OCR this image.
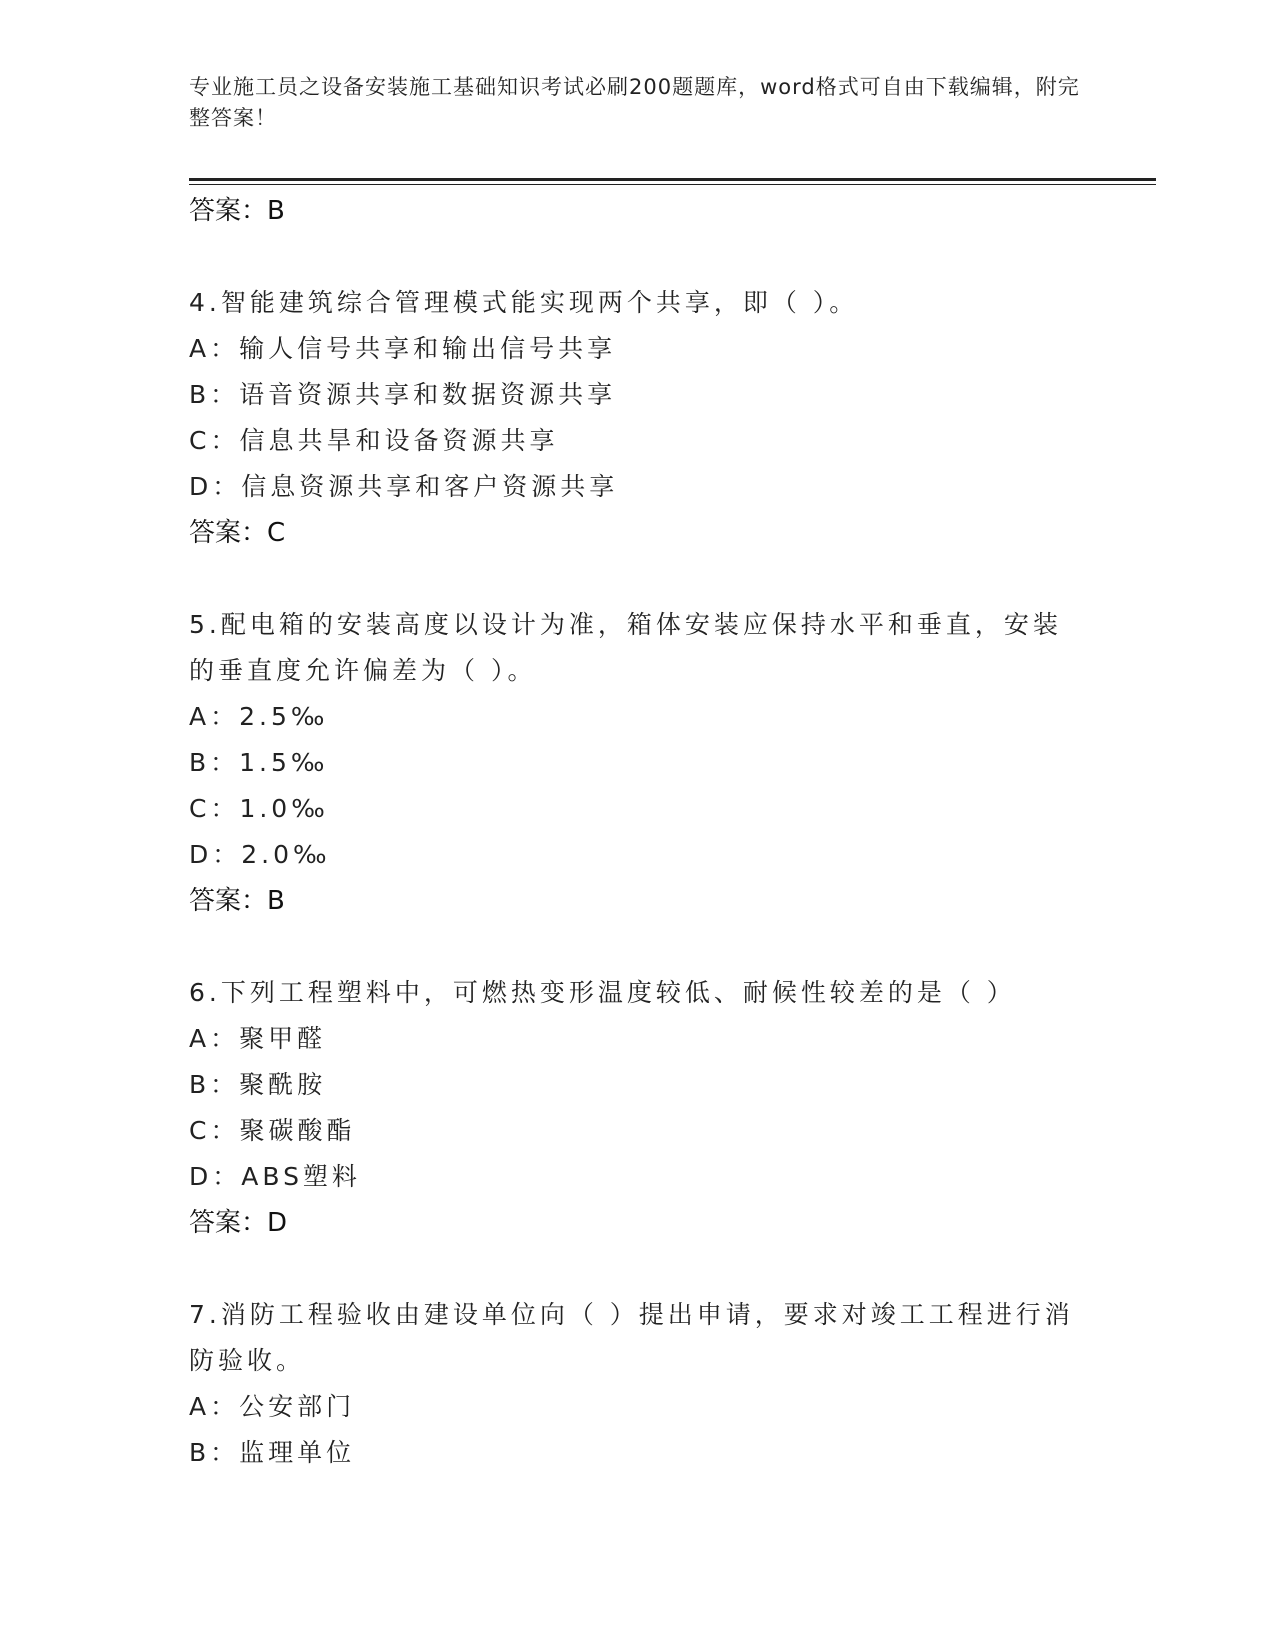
专业施工员之设备安装施工基础知识考试必刷200题题库，word格式可自由下载编辑，附完整答案！
答案：B
4.智能建筑综合管理模式能实现两个共享，即（ ）。
A：输人信号共享和输出信号共享
B：语音资源共享和数据资源共享
C：信息共旱和设备资源共享
D：信息资源共享和客户资源共享
答案：C
5.配电箱的安装高度以设计为准，箱体安装应保持水平和垂直，安装的垂直度允许偏差为（ ）。
A：2.5‰
B：1.5‰
C：1.0‰
D：2.0‰
答案：B
6.下列工程塑料中，可燃热变形温度较低、耐候性较差的是（ ）
A：聚甲醛
B：聚酰胺
C：聚碳酸酯
D：ABS塑料
答案：D
7.消防工程验收由建设单位向（ ）提出申请，要求对竣工工程进行消防验收。
A：公安部门
B：监理单位
